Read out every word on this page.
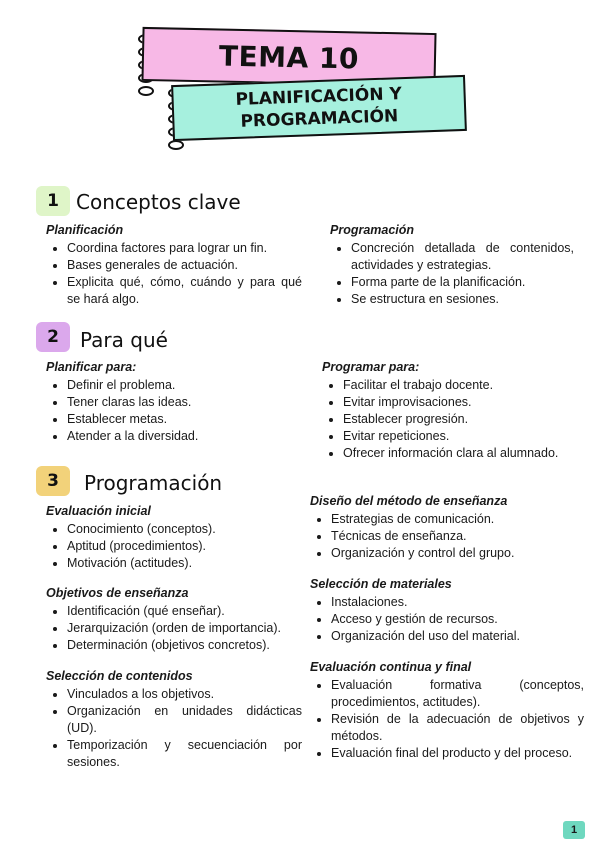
TEMA 10
PLANIFICACIÓN Y
PROGRAMACIÓN
1 Conceptos clave
Planificación
• Coordina factores para lograr un fin.
• Bases generales de actuación.
• Explicita qué, cómo, cuándo y para qué se hará algo.
Programación
• Concreción detallada de contenidos, actividades y estrategias.
• Forma parte de la planificación.
• Se estructura en sesiones.
2 Para qué
Planificar para:
• Definir el problema.
• Tener claras las ideas.
• Establecer metas.
• Atender a la diversidad.
Programar para:
• Facilitar el trabajo docente.
• Evitar improvisaciones.
• Establecer progresión.
• Evitar repeticiones.
• Ofrecer información clara al alumnado.
3 Programación
Evaluación inicial
• Conocimiento (conceptos).
• Aptitud (procedimientos).
• Motivación (actitudes).
Objetivos de enseñanza
• Identificación (qué enseñar).
• Jerarquización (orden de importancia).
• Determinación (objetivos concretos).
Selección de contenidos
• Vinculados a los objetivos.
• Organización en unidades didácticas (UD).
• Temporización y secuenciación por sesiones.
Diseño del método de enseñanza
• Estrategias de comunicación.
• Técnicas de enseñanza.
• Organización y control del grupo.
Selección de materiales
• Instalaciones.
• Acceso y gestión de recursos.
• Organización del uso del material.
Evaluación continua y final
• Evaluación formativa (conceptos, procedimientos, actitudes).
• Revisión de la adecuación de objetivos y métodos.
• Evaluación final del producto y del proceso.
1
